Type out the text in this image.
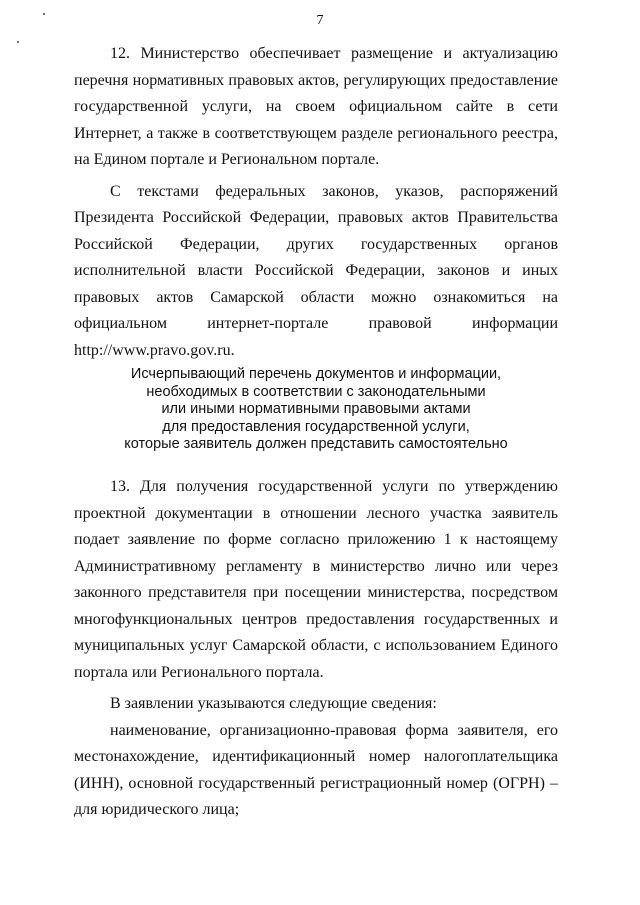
7

12. Министерство обеспечивает размещение и актуализацию перечня нормативных правовых актов, регулирующих предоставление государственной услуги, на своем официальном сайте в сети Интернет, а также в соответствующем разделе регионального реестра, на Едином портале и Региональном портале.

С текстами федеральных законов, указов, распоряжений Президента Российской Федерации, правовых актов Правительства Российской Федерации, других государственных органов исполнительной власти Российской Федерации, законов и иных правовых актов Самарской области можно ознакомиться на официальном интернет-портале правовой информации http://www.pravo.gov.ru.

Исчерпывающий перечень документов и информации,
необходимых в соответствии с законодательными
или иными нормативными правовыми актами
для предоставления государственной услуги,
которые заявитель должен представить самостоятельно

13. Для получения государственной услуги по утверждению проектной документации в отношении лесного участка заявитель подает заявление по форме согласно приложению 1 к настоящему Административному регламенту в министерство лично или через законного представителя при посещении министерства, посредством многофункциональных центров предоставления государственных и муниципальных услуг Самарской области, с использованием Единого портала или Регионального портала.

В заявлении указываются следующие сведения:

наименование, организационно-правовая форма заявителя, его местонахождение, идентификационный номер налогоплательщика (ИНН), основной государственный регистрационный номер (ОГРН) – для юридического лица;
